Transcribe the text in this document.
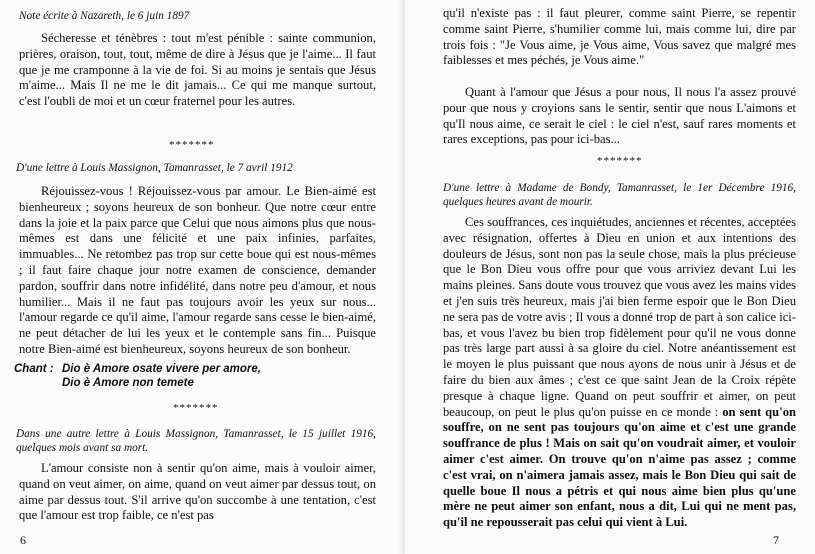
Note écrite à Nazareth, le 6 juin 1897

Sécheresse et ténèbres : tout m'est pénible : sainte communion, prières, oraison, tout, tout, même de dire à Jésus que je l'aime... Il faut que je me cramponne à la vie de foi. Si au moins je sentais que Jésus m'aime... Mais Il ne me le dit jamais... Ce qui me manque surtout, c'est l'oubli de moi et un cœur fraternel pour les autres.

*******
D'une lettre à Louis Massignon, Tamanrasset, le 7 avril 1912

Réjouissez-vous ! Réjouissez-vous par amour. Le Bien-aimé est bienheureux ; soyons heureux de son bonheur. Que notre cœur entre dans la joie et la paix parce que Celui que nous aimons plus que nous-mêmes est dans une félicité et une paix infinies, parfaites, immuables... Ne retombez pas trop sur cette boue qui est nous-mêmes ; il faut faire chaque jour notre examen de conscience, demander pardon, souffrir dans notre infidélité, dans notre peu d'amour, et nous humilier... Mais il ne faut pas toujours avoir les yeux sur nous... l'amour regarde ce qu'il aime, l'amour regarde sans cesse le bien-aimé, ne peut détacher de lui les yeux et le contemple sans fin... Puisque notre Bien-aimé est bienheureux, soyons heureux de son bonheur.

Chant : Dio è Amore osate vivere per amore,
Dio è Amore non temete
*******

Dans une autre lettre à Louis Massignon, Tamanrasset, le 15 juillet 1916, quelques mois avant sa mort.

L'amour consiste non à sentir qu'on aime, mais à vouloir aimer, quand on veut aimer, on aime, quand on veut aimer par dessus tout, on aime par dessus tout. S'il arrive qu'on succombe à une tentation, c'est que l'amour est trop faible, ce n'est pas

6

qu'il n'existe pas : il faut pleurer, comme saint Pierre, se repentir comme saint Pierre, s'humilier comme lui, mais comme lui, dire par trois fois : "Je Vous aime, je Vous aime, Vous savez que malgré mes faiblesses et mes péchés, je Vous aime."

Quant à l'amour que Jésus a pour nous, Il nous l'a assez prouvé pour que nous y croyions sans le sentir, sentir que nous L'aimons et qu'Il nous aime, ce serait le ciel : le ciel n'est, sauf rares moments et rares exceptions, pas pour ici-bas...

*******

D'une lettre à Madame de Bondy, Tamanrasset, le 1er Décembre 1916, quelques heures avant de mourir.

Ces souffrances, ces inquiétudes, anciennes et récentes, acceptées avec résignation, offertes à Dieu en union et aux intentions des douleurs de Jésus, sont non pas la seule chose, mais la plus précieuse que le Bon Dieu vous offre pour que vous arriviez devant Lui les mains pleines. Sans doute vous trouvez que vous avez les mains vides et j'en suis très heureux, mais j'ai bien ferme espoir que le Bon Dieu ne sera pas de votre avis ; Il vous a donné trop de part à son calice ici-bas, et vous l'avez bu bien trop fidèlement pour qu'il ne vous donne pas très large part aussi à sa gloire du ciel. Notre anéantissement est le moyen le plus puissant que nous ayons de nous unir à Jésus et de faire du bien aux âmes ; c'est ce que saint Jean de la Croix répète presque à chaque ligne. Quand on peut souffrir et aimer, on peut beaucoup, on peut le plus qu'on puisse en ce monde : on sent qu'on souffre, on ne sent pas toujours qu'on aime et c'est une grande souffrance de plus ! Mais on sait qu'on voudrait aimer, et vouloir aimer c'est aimer. On trouve qu'on n'aime pas assez ; comme c'est vrai, on n'aimera jamais assez, mais le Bon Dieu qui sait de quelle boue Il nous a pétris et qui nous aime bien plus qu'une mère ne peut aimer son enfant, nous a dit, Lui qui ne ment pas, qu'il ne repousserait pas celui qui vient à Lui.

7
